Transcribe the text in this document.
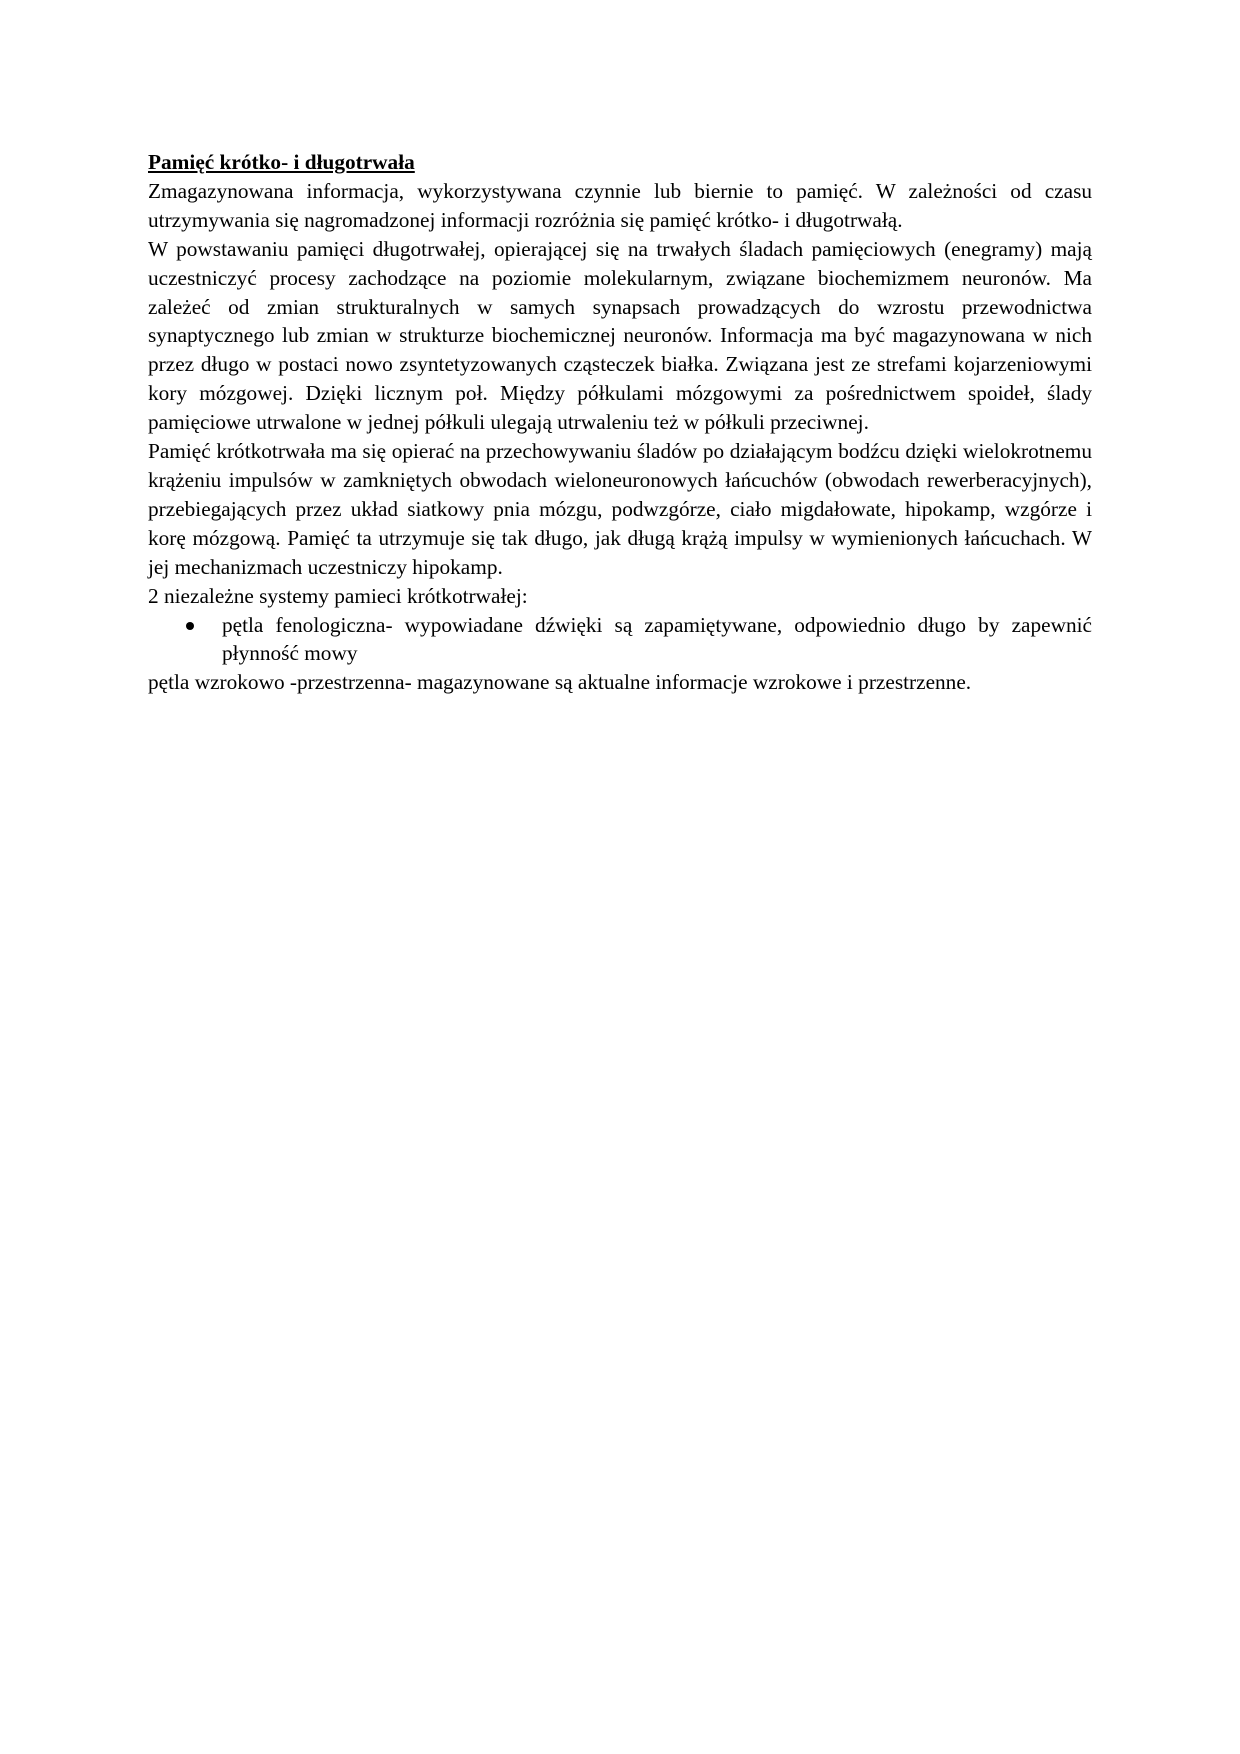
Pamięć krótko- i długotrwała

Zmagazynowana informacja, wykorzystywana czynnie lub biernie to pamięć. W zależności od czasu utrzymywania się nagromadzonej informacji rozróżnia się pamięć krótko- i długotrwałą.

W powstawaniu pamięci długotrwałej, opierającej się na trwałych śladach pamięciowych (enegramy) mają uczestniczyć procesy zachodzące na poziomie molekularnym, związane biochemizmem neuronów. Ma zależeć od zmian strukturalnych w samych synapsach prowadzących do wzrostu przewodnictwa synaptycznego lub zmian w strukturze biochemicznej neuronów. Informacja ma być magazynowana w nich przez długo w postaci nowo zsyntetyzowanych cząsteczek białka. Związana jest ze strefami kojarzeniowymi kory mózgowej. Dzięki licznym poł. Między półkulami mózgowymi za pośrednictwem spoideł, ślady pamięciowe utrwalone w jednej półkuli ulegają utrwaleniu też w półkuli przeciwnej.

Pamięć krótkotrwała ma się opierać na przechowywaniu śladów po działającym bodźcu dzięki wielokrotnemu krążeniu impulsów w zamkniętych obwodach wieloneuronowych łańcuchów (obwodach rewerberacyjnych), przebiegających przez układ siatkowy pnia mózgu, podwzgórze, ciało migdałowate, hipokamp, wzgórze i korę mózgową. Pamięć ta utrzymuje się tak długo, jak długą krążą impulsy w wymienionych łańcuchach. W jej mechanizmach uczestniczy hipokamp.

2 niezależne systemy pamieci krótkotrwałej:

pętla fenologiczna- wypowiadane dźwięki są zapamiętywane, odpowiednio długo by zapewnić płynność mowy

pętla wzrokowo -przestrzenna- magazynowane są aktualne informacje wzrokowe i przestrzenne.
